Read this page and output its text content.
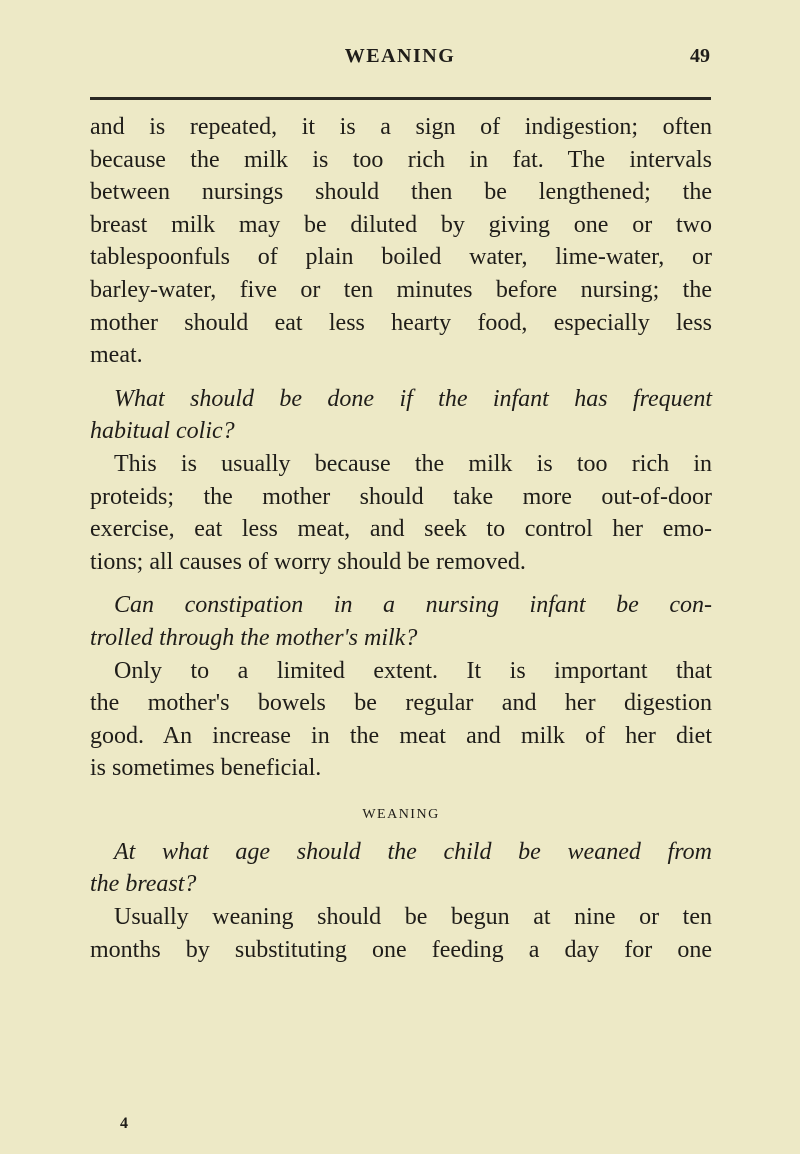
WEANING	49
and is repeated, it is a sign of indigestion; often
because the milk is too rich in fat. The intervals
between nursings should then be lengthened; the
breast milk may be diluted by giving one or two
tablespoonfuls of plain boiled water, lime-water, or
barley-water, five or ten minutes before nursing; the
mother should eat less hearty food, especially less
meat.
What should be done if the infant has frequent
habitual colic?
This is usually because the milk is too rich in
proteids; the mother should take more out-of-door
exercise, eat less meat, and seek to control her emo-
tions; all causes of worry should be removed.
Can constipation in a nursing infant be con-
trolled through the mother's milk?
Only to a limited extent. It is important that
the mother's bowels be regular and her digestion
good. An increase in the meat and milk of her diet
is sometimes beneficial.
WEANING
At what age should the child be weaned from
the breast?
Usually weaning should be begun at nine or ten
months by substituting one feeding a day for one
4
